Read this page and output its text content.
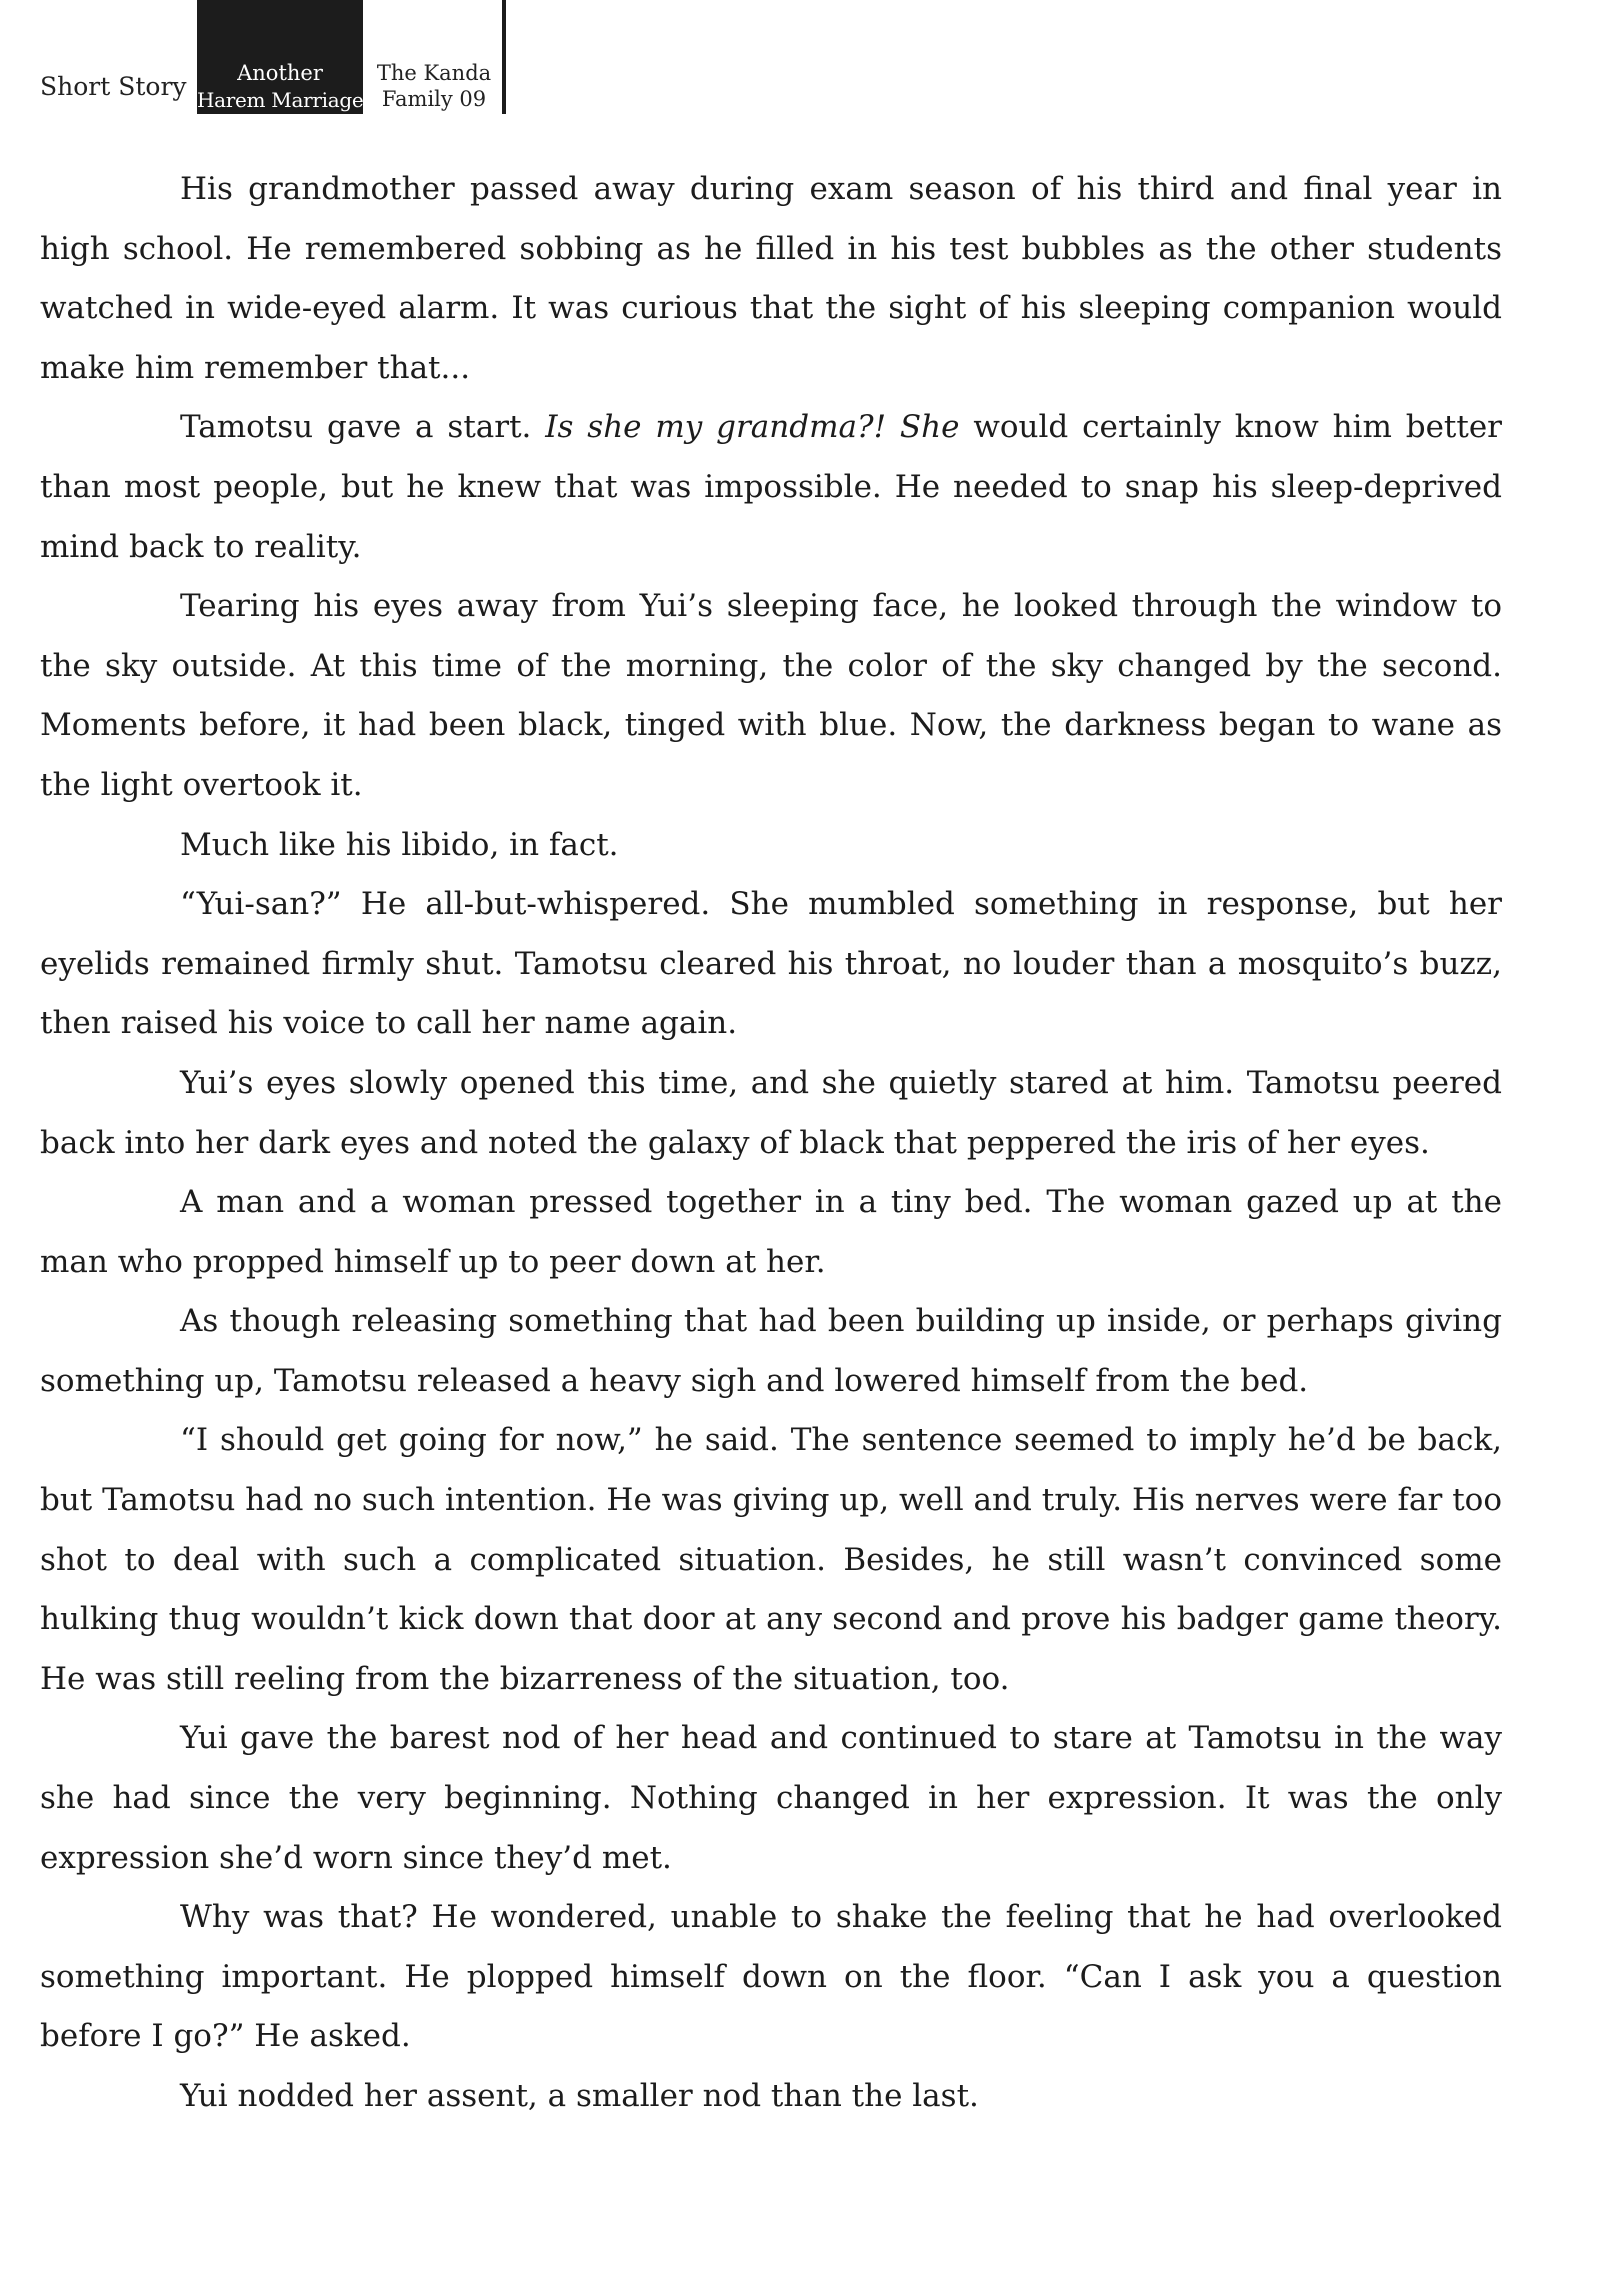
Short Story	Another
Harem Marriage
The Kanda
Family 09

His grandmother passed away during exam season of his third and final year in high school. He remembered sobbing as he filled in his test bubbles as the other students watched in wide-eyed alarm. It was curious that the sight of his sleeping companion would make him remember that...

Tamotsu gave a start. Is she my grandma?! She would certainly know him better than most people, but he knew that was impossible. He needed to snap his sleep-deprived mind back to reality.

Tearing his eyes away from Yui’s sleeping face, he looked through the window to the sky outside. At this time of the morning, the color of the sky changed by the second. Moments before, it had been black, tinged with blue. Now, the darkness began to wane as the light overtook it.

Much like his libido, in fact.

“Yui-san?” He all-but-whispered. She mumbled something in response, but her eyelids remained firmly shut. Tamotsu cleared his throat, no louder than a mosquito’s buzz, then raised his voice to call her name again.

Yui’s eyes slowly opened this time, and she quietly stared at him. Tamotsu peered back into her dark eyes and noted the galaxy of black that peppered the iris of her eyes.

A man and a woman pressed together in a tiny bed. The woman gazed up at the man who propped himself up to peer down at her.

As though releasing something that had been building up inside, or perhaps giving something up, Tamotsu released a heavy sigh and lowered himself from the bed.

“I should get going for now,” he said. The sentence seemed to imply he’d be back, but Tamotsu had no such intention. He was giving up, well and truly. His nerves were far too shot to deal with such a complicated situation. Besides, he still wasn’t convinced some hulking thug wouldn’t kick down that door at any second and prove his badger game theory. He was still reeling from the bizarreness of the situation, too.

Yui gave the barest nod of her head and continued to stare at Tamotsu in the way she had since the very beginning. Nothing changed in her expression. It was the only expression she’d worn since they’d met.

Why was that? He wondered, unable to shake the feeling that he had overlooked something important. He plopped himself down on the floor. “Can I ask you a question before I go?” He asked.

Yui nodded her assent, a smaller nod than the last.
